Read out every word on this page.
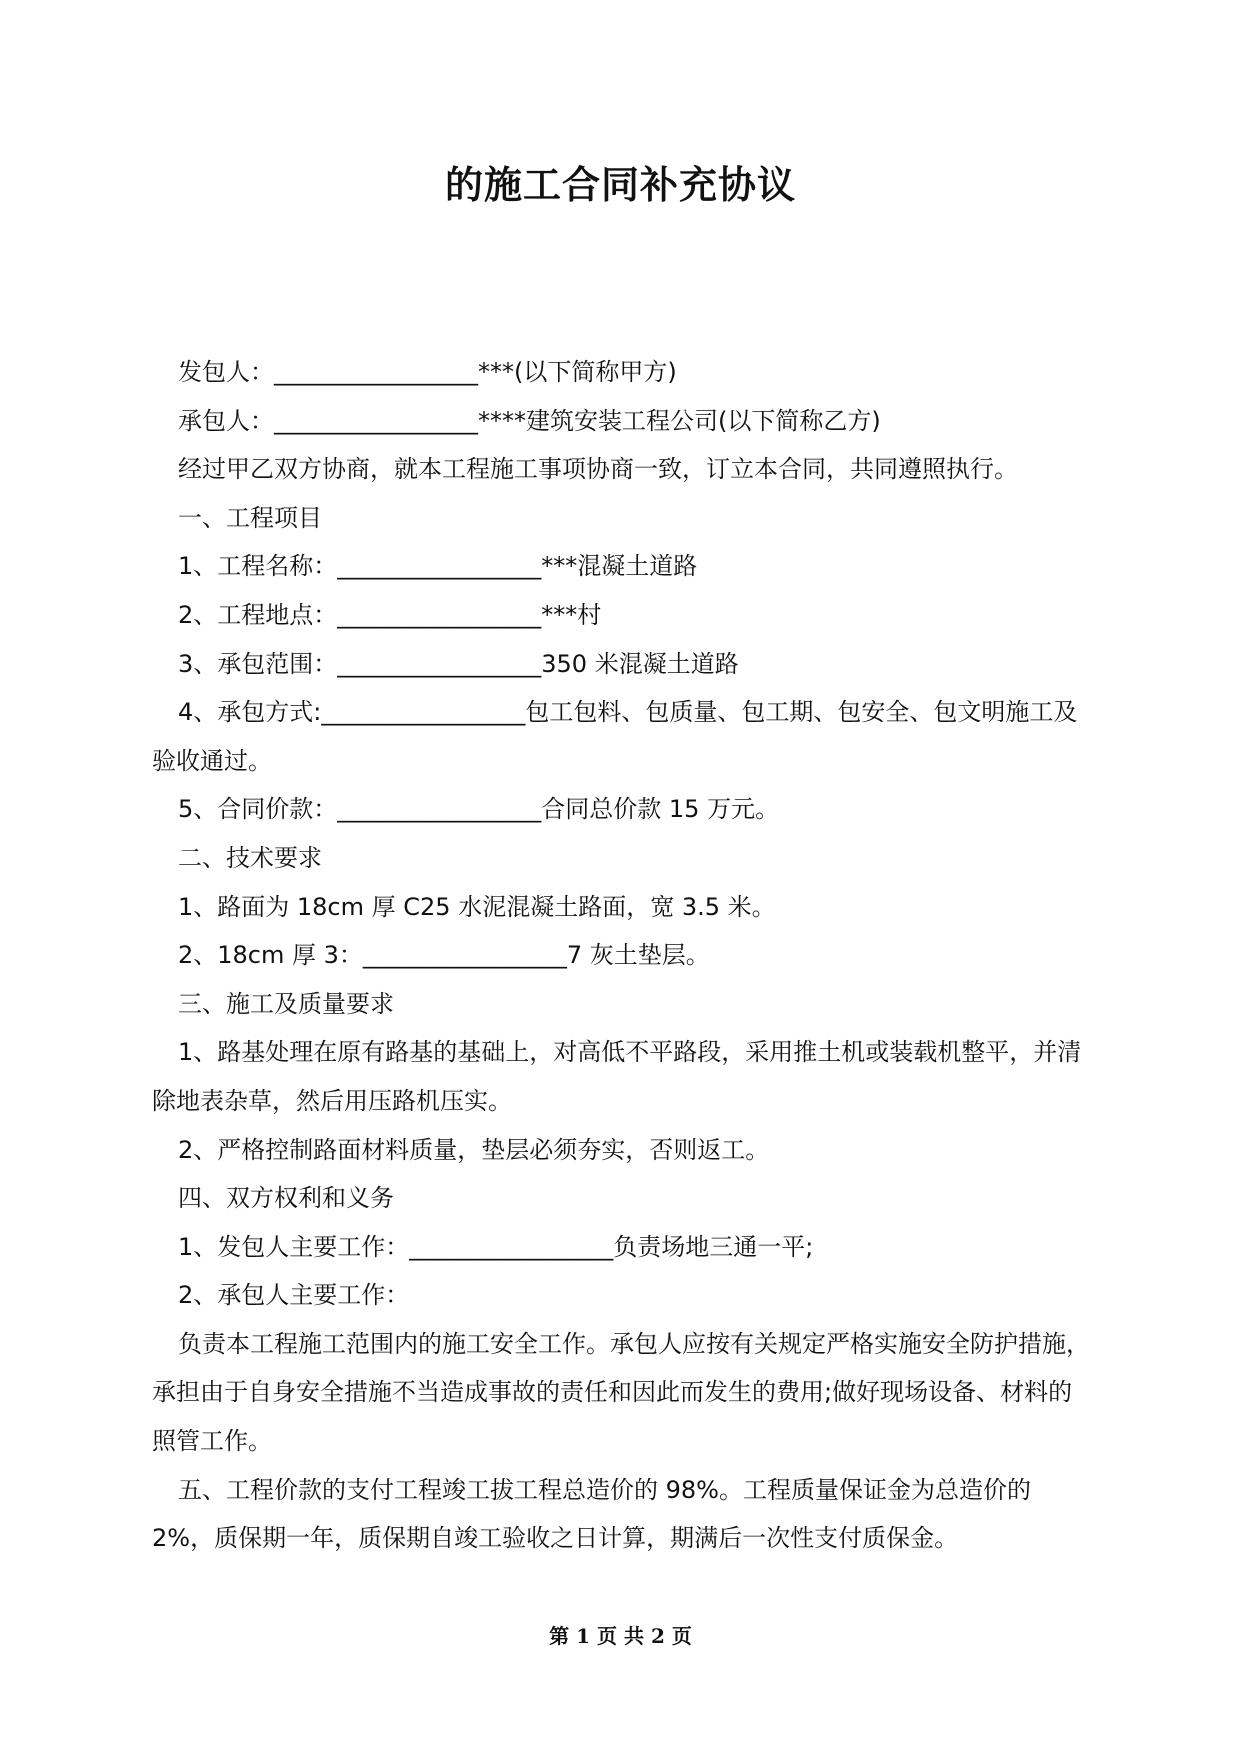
的施工合同补充协议

发包人：_________________***(以下简称甲方)

承包人：_________________****建筑安装工程公司(以下简称乙方)

经过甲乙双方协商，就本工程施工事项协商一致，订立本合同，共同遵照执行。

一、工程项目

1、工程名称：_________________***混凝土道路

2、工程地点：_________________***村

3、承包范围：_________________350 米混凝土道路

4、承包方式:_________________包工包料、包质量、包工期、包安全、包文明施工及验收通过。

5、合同价款：_________________合同总价款 15 万元。

二、技术要求

1、路面为 18cm 厚 C25 水泥混凝土路面，宽 3.5 米。

2、18cm 厚 3：_________________7 灰土垫层。

三、施工及质量要求

1、路基处理在原有路基的基础上，对高低不平路段，采用推土机或装载机整平，并清除地表杂草，然后用压路机压实。

2、严格控制路面材料质量，垫层必须夯实，否则返工。

四、双方权利和义务

1、发包人主要工作：_________________负责场地三通一平;

2、承包人主要工作：

负责本工程施工范围内的施工安全工作。承包人应按有关规定严格实施安全防护措施，承担由于自身安全措施不当造成事故的责任和因此而发生的费用;做好现场设备、材料的照管工作。

五、工程价款的支付工程竣工拔工程总造价的 98%。工程质量保证金为总造价的 2%，质保期一年，质保期自竣工验收之日计算，期满后一次性支付质保金。

第 1 页 共 2 页
